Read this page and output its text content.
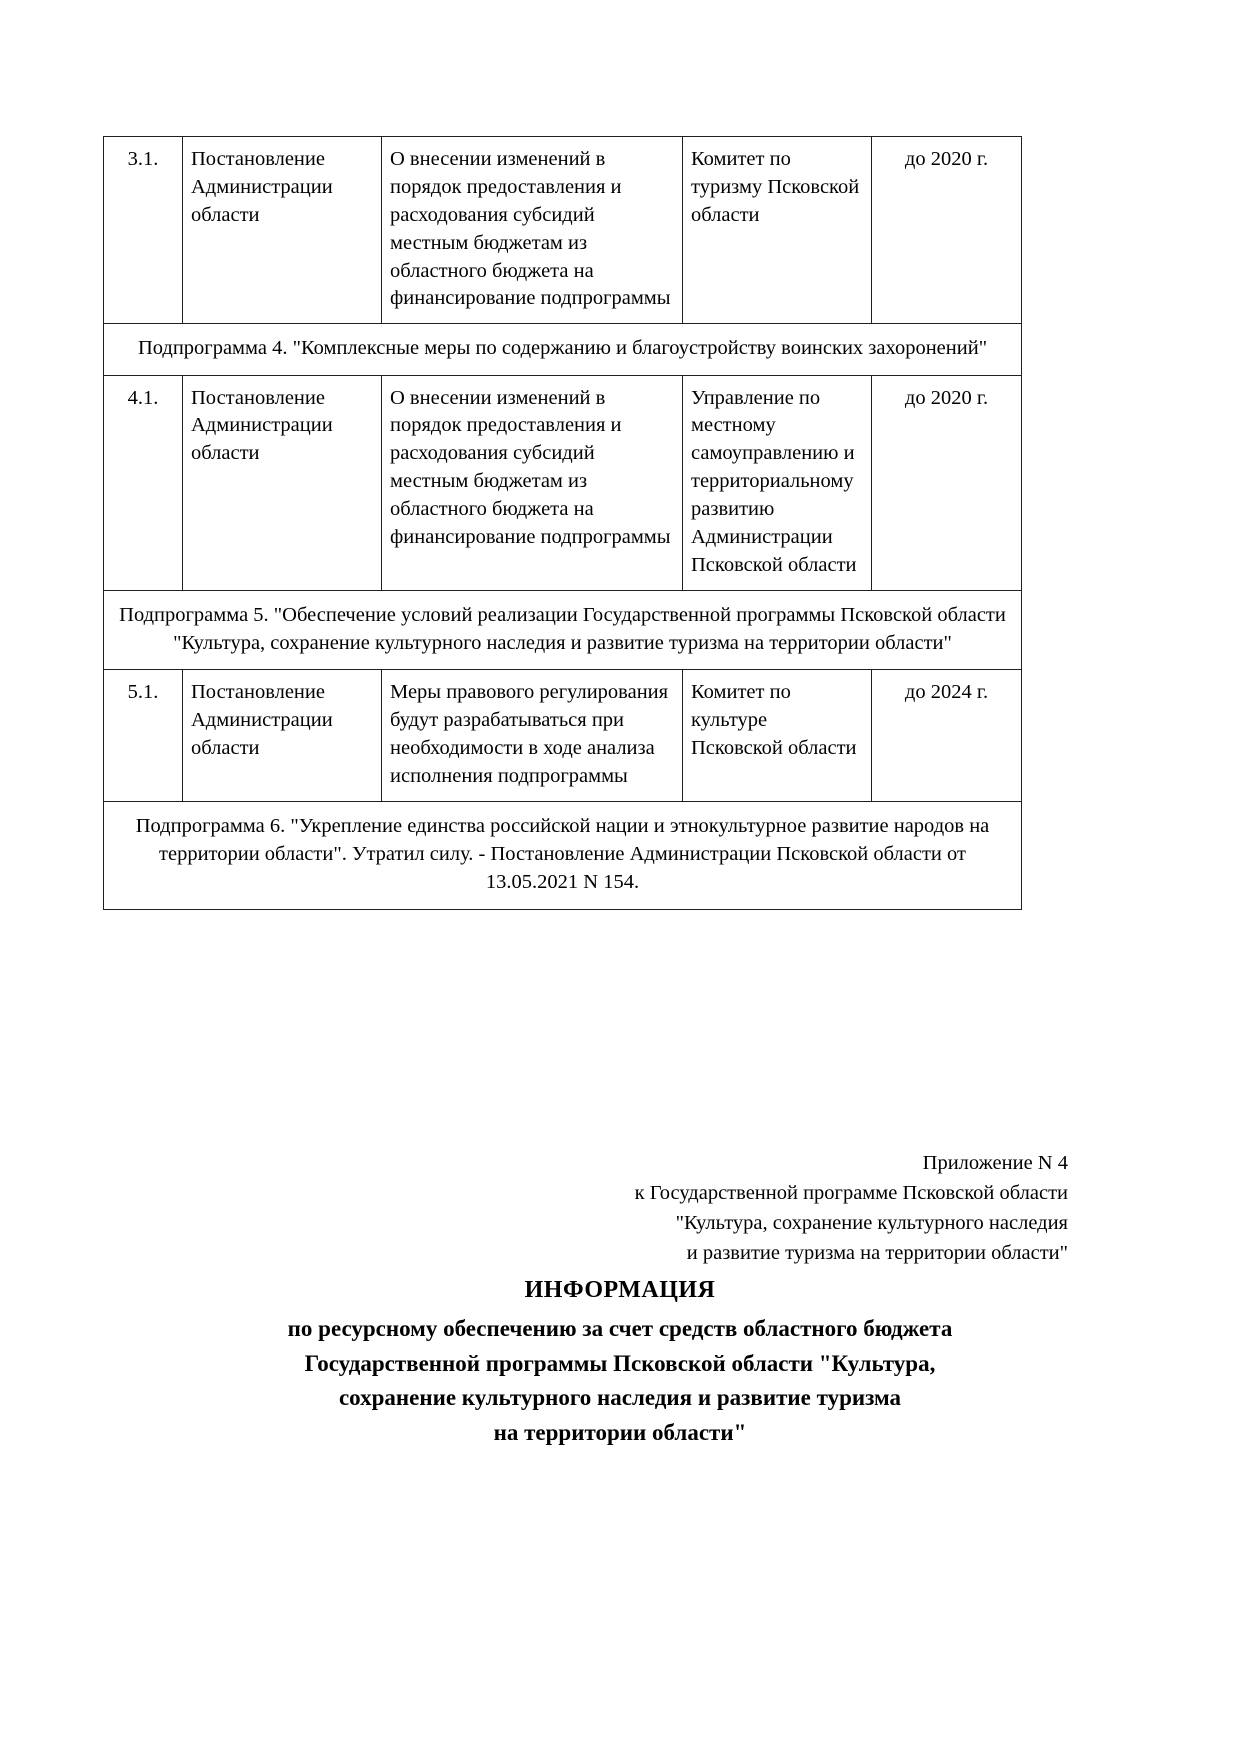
3.1.	Постановление Администрации области	О внесении изменений в порядок предоставления и расходования субсидий местным бюджетам из областного бюджета на финансирование подпрограммы	Комитет по туризму Псковской области	до 2020 г.
Подпрограмма 4. "Комплексные меры по содержанию и благоустройству воинских захоронений"				
4.1.	Постановление Администрации области	О внесении изменений в порядок предоставления и расходования субсидий местным бюджетам из областного бюджета на финансирование подпрограммы	Управление по местному самоуправлению и территориальному развитию Администрации Псковской области	до 2020 г.
Подпрограмма 5. "Обеспечение условий реализации Государственной программы Псковской области "Культура, сохранение культурного наследия и развитие туризма на территории области"				
5.1.	Постановление Администрации области	Меры правового регулирования будут разрабатываться при необходимости в ходе анализа исполнения подпрограммы	Комитет по культуре Псковской области	до 2024 г.
Подпрограмма 6. "Укрепление единства российской нации и этнокультурное развитие народов на территории области". Утратил силу. - Постановление Администрации Псковской области от 13.05.2021 N 154.				
Приложение N 4
к Государственной программе Псковской области
"Культура, сохранение культурного наследия
и развитие туризма на территории области"
ИНФОРМАЦИЯ
по ресурсному обеспечению за счет средств областного бюджета
Государственной программы Псковской области "Культура,
сохранение культурного наследия и развитие туризма
на территории области"
